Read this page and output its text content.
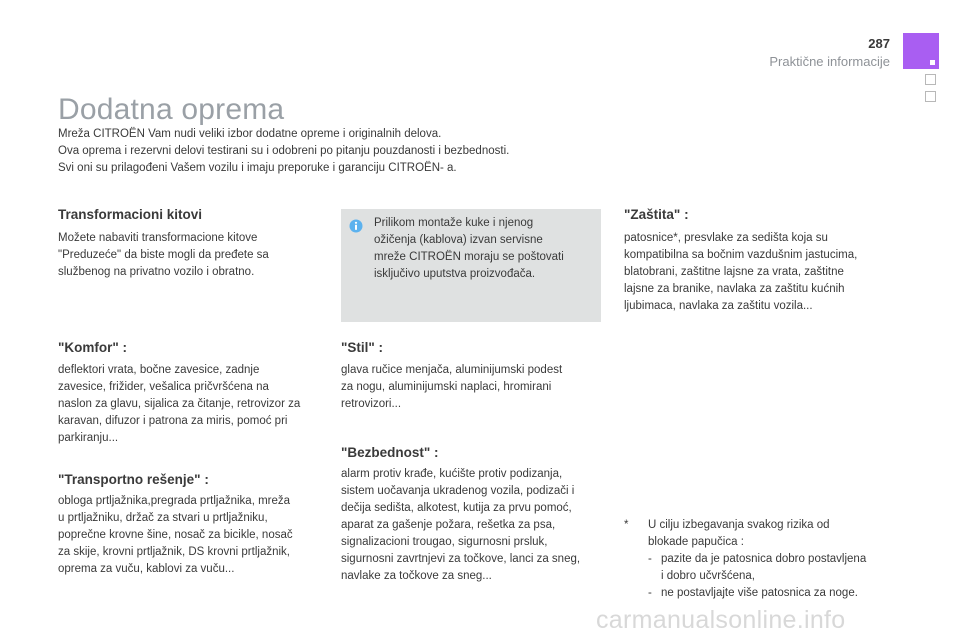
287
Praktične informacije
Dodatna oprema

Mreža CITROËN Vam nudi veliki izbor dodatne opreme i originalnih delova.

Ova oprema i rezervni delovi testirani su i odobreni po pitanju pouzdanosti i bezbednosti.

Svi oni su prilagođeni Vašem vozilu i imaju preporuke i garanciju CITROËN- a.

Transformacioni kitovi

Možete nabaviti transformacione kitove

"Preduzeće" da biste mogli da pređete sa

službenog na privatno vozilo i obratno.

"Komfor" :

deflektori vrata, bočne zavesice, zadnje

zavesice, frižider, vešalica pričvršćena na

naslon za glavu, sijalica za čitanje, retrovizor za

karavan, difuzor i patrona za miris, pomoć pri

parkiranju...

"Transportno rešenje" :

obloga prtljažnika,pregrada prtljažnika, mreža

u prtljažniku, držač za stvari u prtljažniku,

poprečne krovne šine, nosač za bicikle, nosač

za skije, krovni prtljažnik, DS krovni prtljažnik,

oprema za vuču, kablovi za vuču...

Prilikom montaže kuke i njenog

ožičenja (kablova) izvan servisne

mreže CITROËN moraju se poštovati

isključivo uputstva proizvođača.

"Stil" :

glava ručice menjača, aluminijumski podest

za nogu, aluminijumski naplaci, hromirani

retrovizori...

"Bezbednost" :

alarm protiv krađe, kućište protiv podizanja,

sistem uočavanja ukradenog vozila, podizači i

dečija sedišta, alkotest, kutija za prvu pomoć,

aparat za gašenje požara, rešetka za psa,

signalizacioni trougao, sigurnosni prsluk,

sigurnosni zavrtnjevi za točkove, lanci za sneg,

navlake za točkove za sneg...

"Zaštita" :

patosnice*, presvlake za sedišta koja su

kompatibilna sa bočnim vazdušnim jastucima,

blatobrani, zaštitne lajsne za vrata, zaštitne

lajsne za branike, navlaka za zaštitu kućnih

ljubimaca, navlaka za zaštitu vozila...

* U cilju izbegavanja svakog rizika od
blokade papučica :
- pazite da je patosnica dobro postavljena
i dobro učvršćena,
- ne postavljajte više patosnica za noge.
carmanualsonline.info
